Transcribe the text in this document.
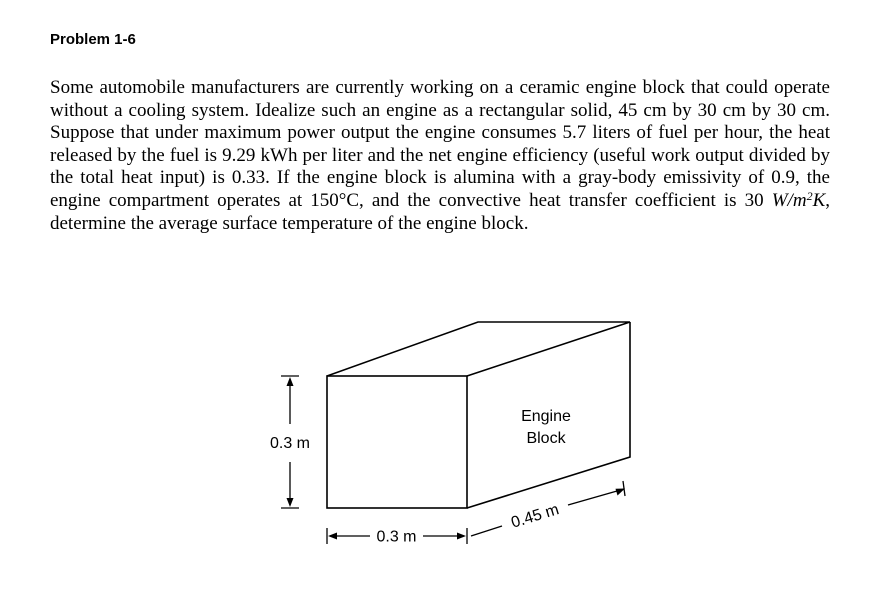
Problem 1-6

Some automobile manufacturers are currently working on a ceramic engine block that could operate without a cooling system. Idealize such an engine as a rectangular solid, 45 cm by 30 cm by 30 cm. Suppose that under maximum power output the engine consumes 5.7 liters of fuel per hour, the heat released by the fuel is 9.29 kWh per liter and the net engine efficiency (useful work output divided by the total heat input) is 0.33. If the engine block is alumina with a gray-body emissivity of 0.9, the engine compartment operates at 150°C, and the convective heat transfer coefficient is 30 $W/m^2K$, determine the average surface temperature of the engine block.

0.3 m
0.3 m
0.45 m
Engine
Block
